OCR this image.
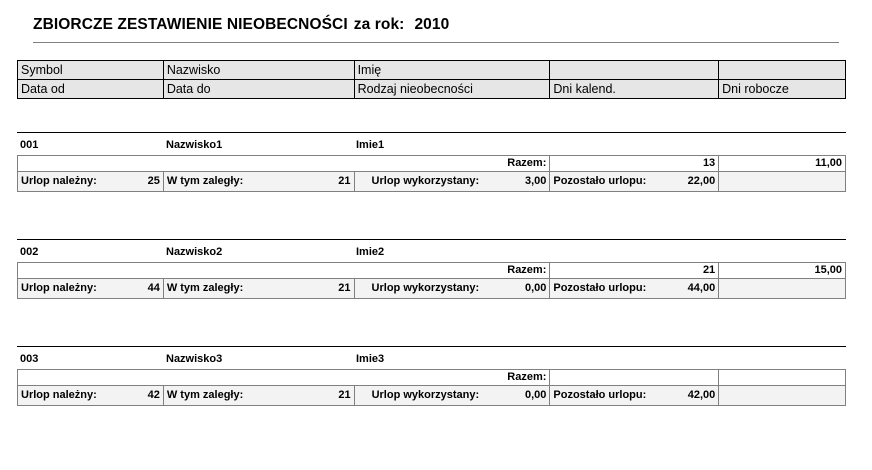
ZBIORCZE ZESTAWIENIE NIEOBECNOŚCI za rok: 2010
Symbol	Nazwisko	Imię		
Data od	Data do	Rodzaj nieobecności	Dni kalend.	Dni robocze
001	Nazwisko1	Imie1
Razem:			13	11,00
Urlop należny: 25	W tym zaległy: 21	Urlop wykorzystany: 3,00	Pozostało urlopu: 22,00	

002	Nazwisko2	Imie2
Razem:			21	15,00
Urlop należny: 44	W tym zaległy: 21	Urlop wykorzystany: 0,00	Pozostało urlopu: 44,00	

003	Nazwisko3	Imie3
Razem:				
Urlop należny: 42	W tym zaległy: 21	Urlop wykorzystany: 0,00	Pozostało urlopu: 42,00	
